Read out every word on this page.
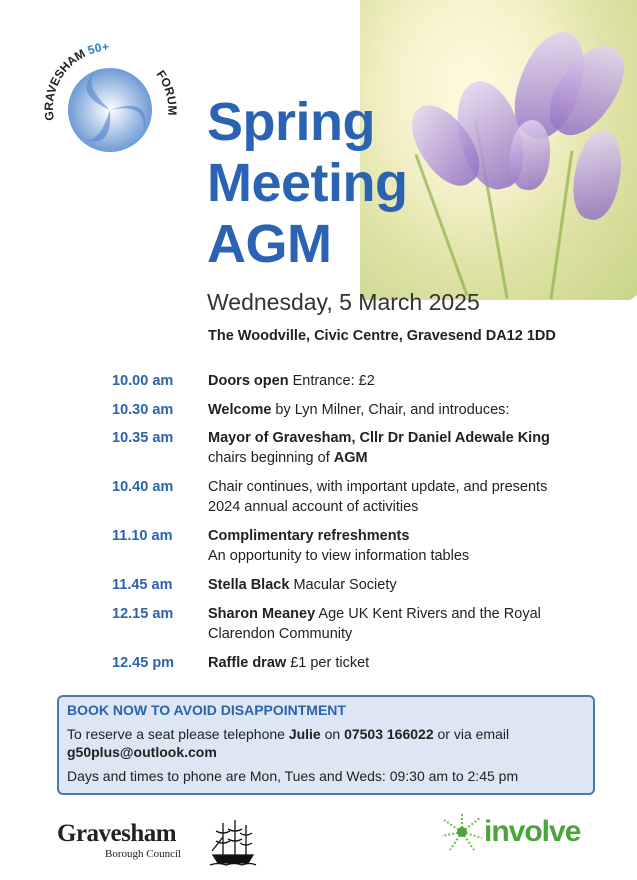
GRAVESHAM 50+
FORUM Spring
Meeting
AGM
Wednesday, 5 March 2025
The Woodville, Civic Centre, Gravesend DA12 1DD
10.00 am	Doors open Entrance: £2
10.30 am	Welcome by Lyn Milner, Chair, and introduces:
10.35 am	Mayor of Gravesham, Cllr Dr Daniel Adewale King
chairs beginning of AGM
10.40 am	Chair continues, with important update, and presents 2024 annual account of activities
11.10 am	Complimentary refreshments
An opportunity to view information tables
11.45 am	Stella Black Macular Society
12.15 am	Sharon Meaney Age UK Kent Rivers and the Royal Clarendon Community
12.45 pm	Raffle draw £1 per ticket
BOOK NOW TO AVOID DISAPPOINTMENT

To reserve a seat please telephone Julie on 07503 166022 or via email
g50plus@outlook.com

Days and times to phone are Mon, Tues and Weds: 09:30 am to 2:45 pm

Gravesham
Borough Council
involve
